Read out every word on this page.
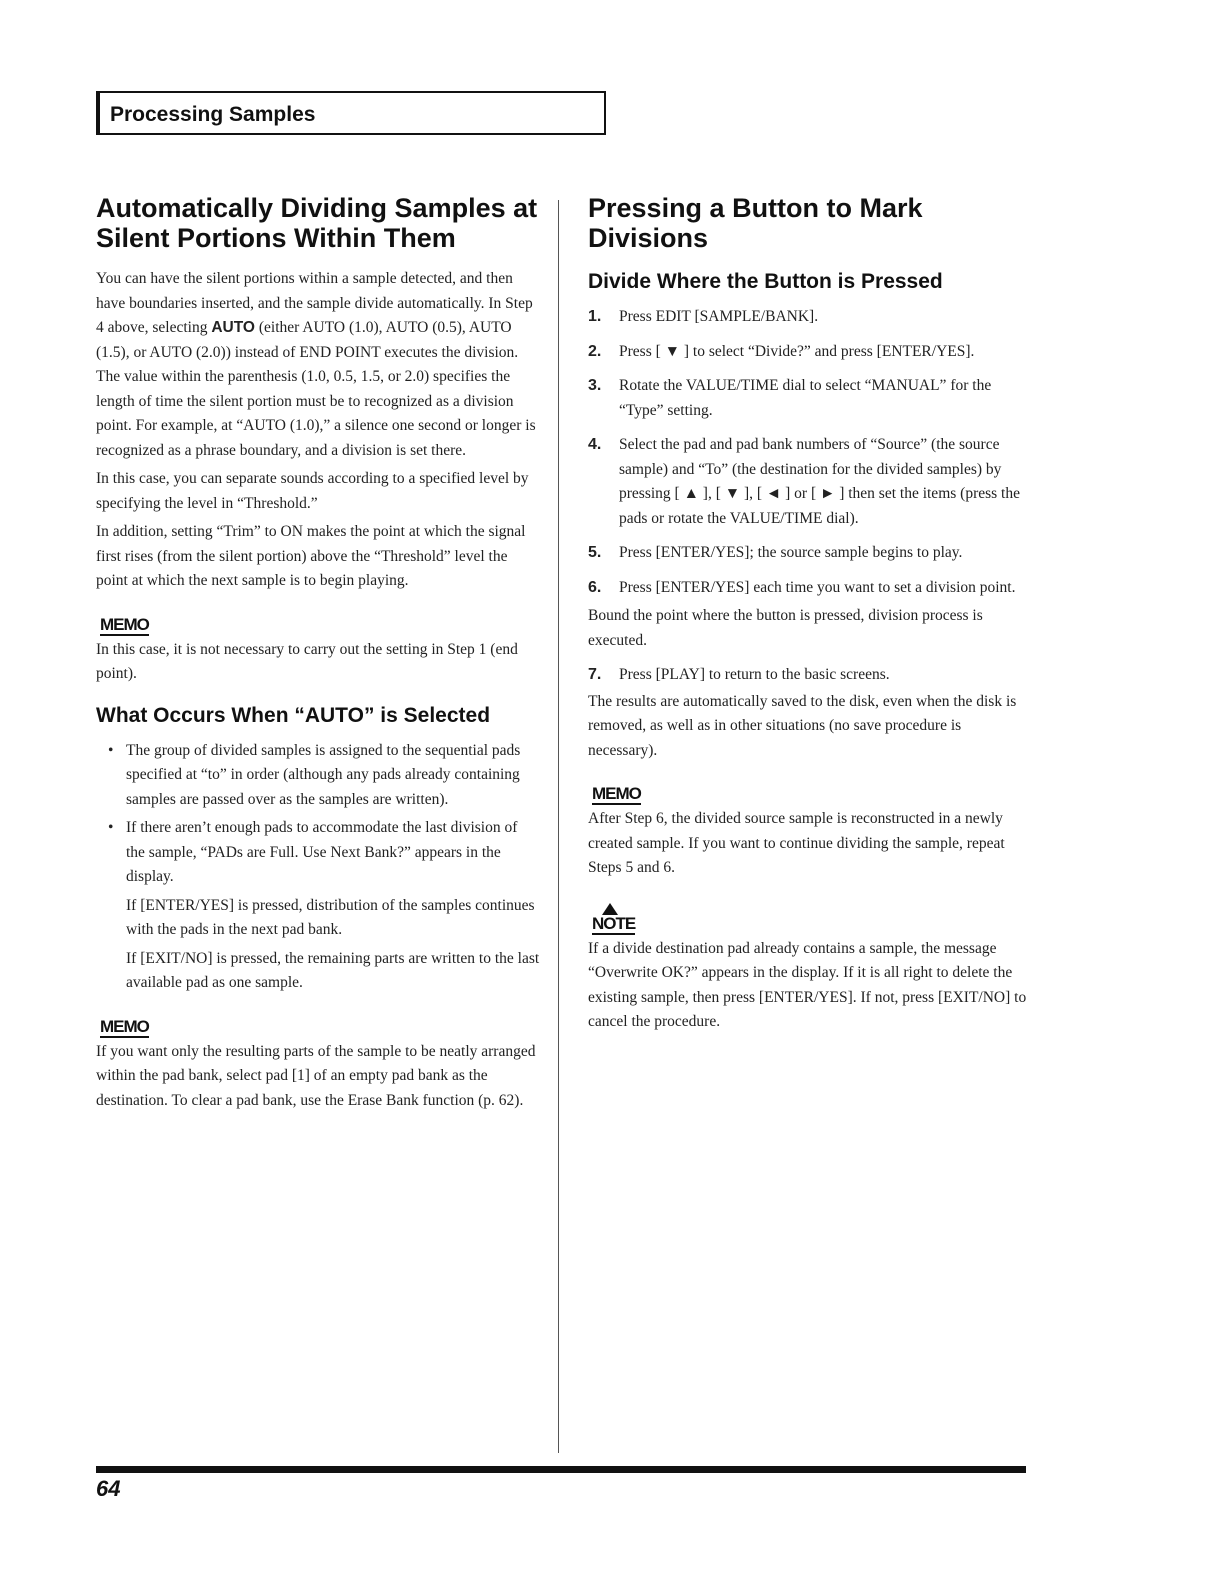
Processing Samples
Automatically Dividing Samples at Silent Portions Within Them

You can have the silent portions within a sample detected, and then have boundaries inserted, and the sample divide automatically. In Step 4 above, selecting AUTO (either AUTO (1.0), AUTO (0.5), AUTO (1.5), or AUTO (2.0)) instead of END POINT executes the division. The value within the parenthesis (1.0, 0.5, 1.5, or 2.0) specifies the length of time the silent portion must be to recognized as a division point. For example, at “AUTO (1.0),” a silence one second or longer is recognized as a phrase boundary, and a division is set there.

In this case, you can separate sounds according to a specified level by specifying the level in “Threshold.”

In addition, setting “Trim” to ON makes the point at which the signal first rises (from the silent portion) above the “Threshold” level the point at which the next sample is to begin playing.

MEMO

In this case, it is not necessary to carry out the setting in Step 1 (end point).

What Occurs When “AUTO” is Selected
• The group of divided samples is assigned to the sequential pads specified at “to” in order (although any pads already containing samples are passed over as the samples are written).
• If there aren’t enough pads to accommodate the last division of the sample, “PADs are Full. Use Next Bank?” appears in the display.

If [ENTER/YES] is pressed, distribution of the samples continues with the pads in the next pad bank.

If [EXIT/NO] is pressed, the remaining parts are written to the last available pad as one sample.

MEMO

If you want only the resulting parts of the sample to be neatly arranged within the pad bank, select pad [1] of an empty pad bank as the destination. To clear a pad bank, use the Erase Bank function (p. 62).

Pressing a Button to Mark Divisions
Divide Where the Button is Pressed
1. Press EDIT [SAMPLE/BANK].
2. Press [ ▼ ] to select “Divide?” and press [ENTER/YES].
3. Rotate the VALUE/TIME dial to select “MANUAL” for the “Type” setting.
4. Select the pad and pad bank numbers of “Source” (the source sample) and “To” (the destination for the divided samples) by pressing [ ▲ ], [ ▼ ], [ ◄ ] or [ ► ] then set the items (press the pads or rotate the VALUE/TIME dial).
5. Press [ENTER/YES]; the source sample begins to play.
6. Press [ENTER/YES] each time you want to set a division point.

Bound the point where the button is pressed, division process is executed.

7. Press [PLAY] to return to the basic screens.

The results are automatically saved to the disk, even when the disk is removed, as well as in other situations (no save procedure is necessary).

MEMO

After Step 6, the divided source sample is reconstructed in a newly created sample. If you want to continue dividing the sample, repeat Steps 5 and 6.

NOTE

If a divide destination pad already contains a sample, the message “Overwrite OK?” appears in the display. If it is all right to delete the existing sample, then press [ENTER/YES]. If not, press [EXIT/NO] to cancel the procedure.

64
